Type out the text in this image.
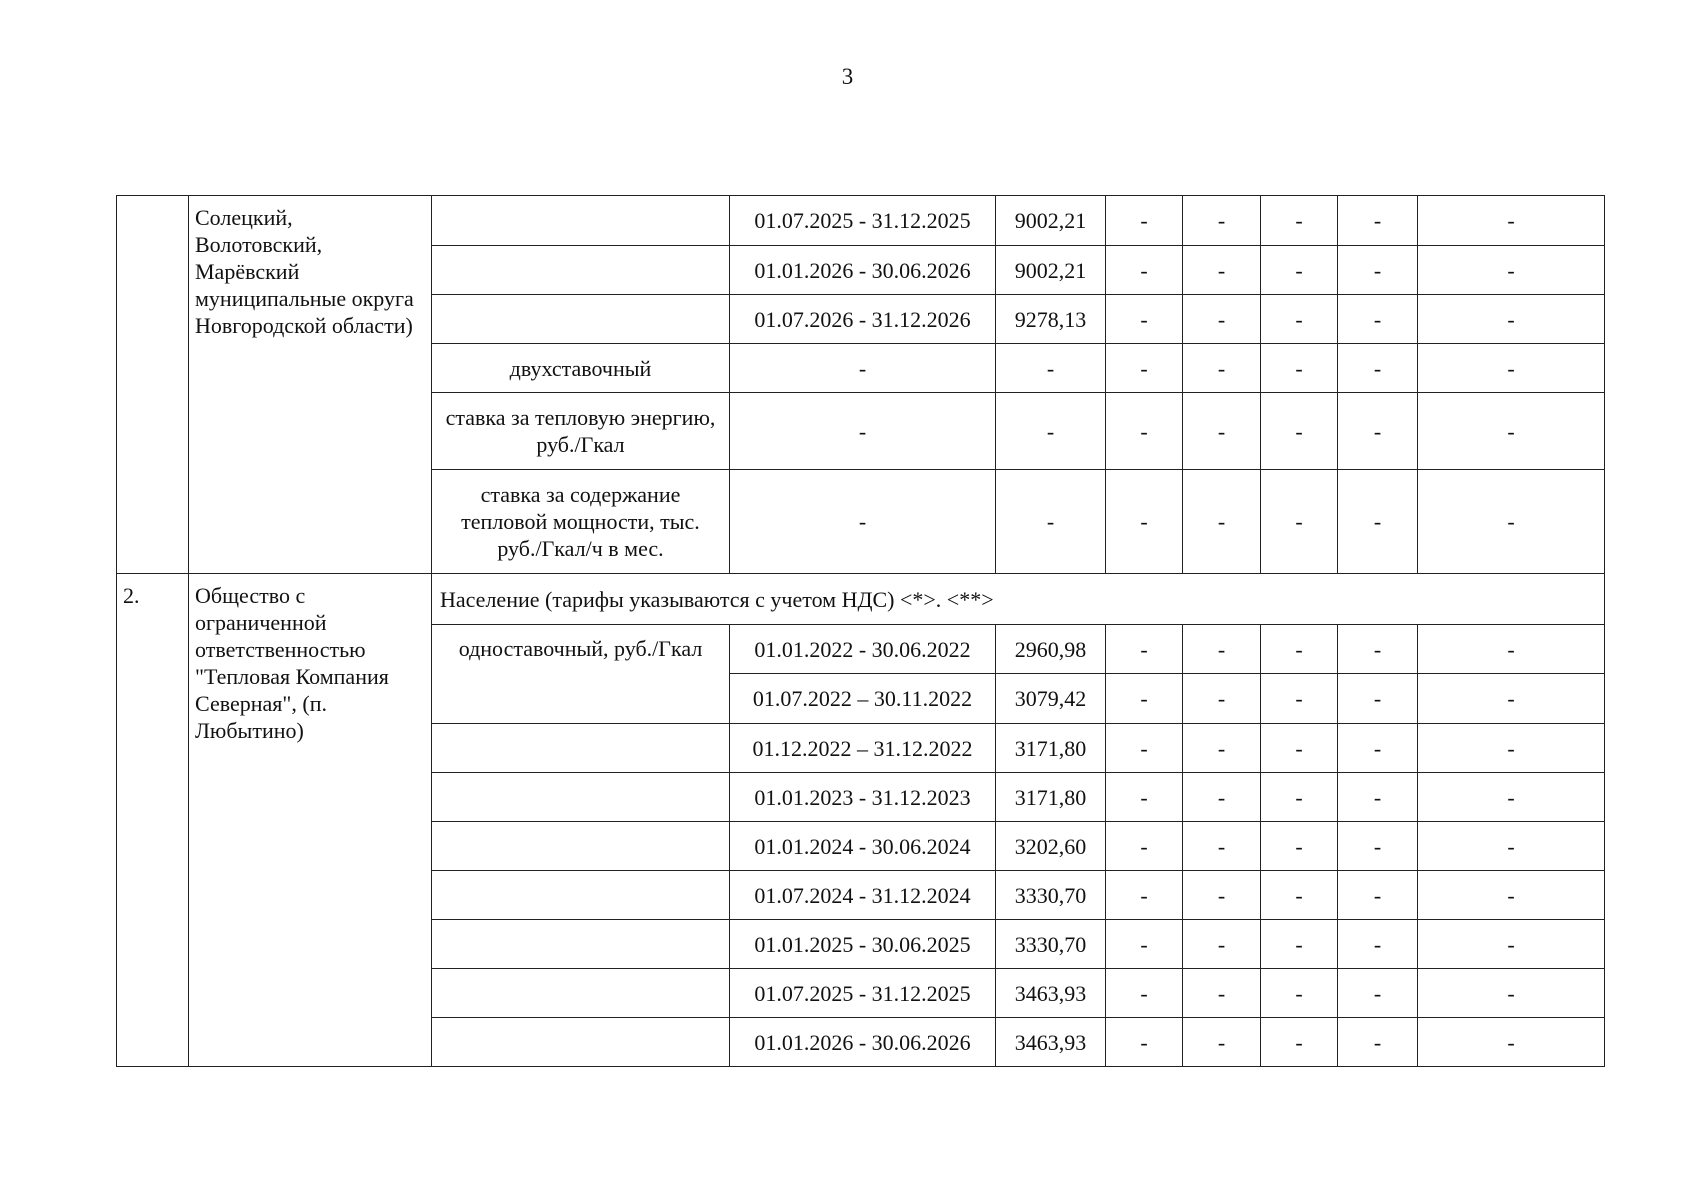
3
	Солецкий, Волотовский, Марёвский муниципальные округа Новгородской области)		01.07.2025 - 31.12.2025	9002,21	-	-	-	-	-
			01.01.2026 - 30.06.2026	9002,21	-	-	-	-	-
			01.07.2026 - 31.12.2026	9278,13	-	-	-	-	-
		двухставочный	-	-	-	-	-	-	-
		ставка за тепловую энергию, руб./Гкал	-	-	-	-	-	-	-
		ставка за содержание тепловой мощности, тыс. руб./Гкал/ч в мес.	-	-	-	-	-	-	-
2.	Общество с ограниченной ответственностью "Тепловая Компания Северная", (п. Любытино)	Население (тарифы указываются с учетом НДС) <*>. <**>							
		одноставочный, руб./Гкал	01.01.2022 - 30.06.2022	2960,98	-	-	-	-	-
			01.07.2022 – 30.11.2022	3079,42	-	-	-	-	-
			01.12.2022 – 31.12.2022	3171,80	-	-	-	-	-
			01.01.2023 - 31.12.2023	3171,80	-	-	-	-	-
			01.01.2024 - 30.06.2024	3202,60	-	-	-	-	-
			01.07.2024 - 31.12.2024	3330,70	-	-	-	-	-
			01.01.2025 - 30.06.2025	3330,70	-	-	-	-	-
			01.07.2025 - 31.12.2025	3463,93	-	-	-	-	-
			01.01.2026 - 30.06.2026	3463,93	-	-	-	-	-
